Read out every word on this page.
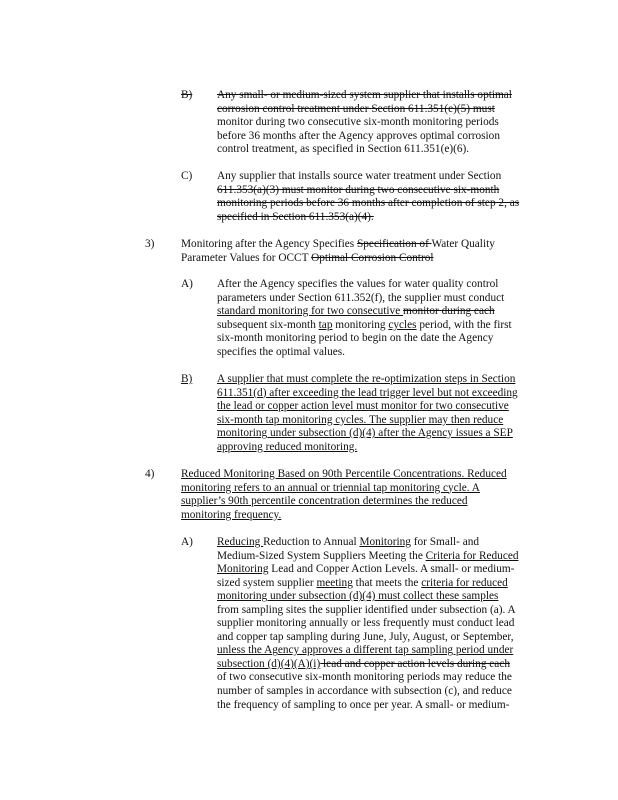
B) Any small- or medium-sized system supplier that installs optimal
corrosion control treatment under Section 611.351(e)(5) must
monitor during two consecutive six-month monitoring periods
before 36 months after the Agency approves optimal corrosion
control treatment, as specified in Section 611.351(e)(6).
C) Any supplier that installs source water treatment under Section
611.353(a)(3) must monitor during two consecutive six-month
monitoring periods before 36 months after completion of step 2, as
specified in Section 611.353(a)(4).
3) Monitoring after the Agency Specifies Specification of Water Quality
Parameter Values for OCCT Optimal Corrosion Control
A) After the Agency specifies the values for water quality control
parameters under Section 611.352(f), the supplier must conduct
standard monitoring for two consecutive monitor during each
subsequent six-month tap monitoring cycles period, with the first
six-month monitoring period to begin on the date the Agency
specifies the optimal values.
B) A supplier that must complete the re-optimization steps in Section
611.351(d) after exceeding the lead trigger level but not exceeding
the lead or copper action level must monitor for two consecutive
six-month tap monitoring cycles. The supplier may then reduce
monitoring under subsection (d)(4) after the Agency issues a SEP
approving reduced monitoring.
4) Reduced Monitoring Based on 90th Percentile Concentrations. Reduced
monitoring refers to an annual or triennial tap monitoring cycle. A
supplier’s 90th percentile concentration determines the reduced
monitoring frequency.
A) Reducing Reduction to Annual Monitoring for Small- and
Medium-Sized System Suppliers Meeting the Criteria for Reduced
Monitoring Lead and Copper Action Levels. A small- or medium-
sized system supplier meeting that meets the criteria for reduced
monitoring under subsection (d)(4) must collect these samples
from sampling sites the supplier identified under subsection (a). A
supplier monitoring annually or less frequently must conduct lead
and copper tap sampling during June, July, August, or September,
unless the Agency approves a different tap sampling period under
subsection (d)(4)(A)(i) lead and copper action levels during each
of two consecutive six-month monitoring periods may reduce the
number of samples in accordance with subsection (c), and reduce
the frequency of sampling to once per year. A small- or medium-
